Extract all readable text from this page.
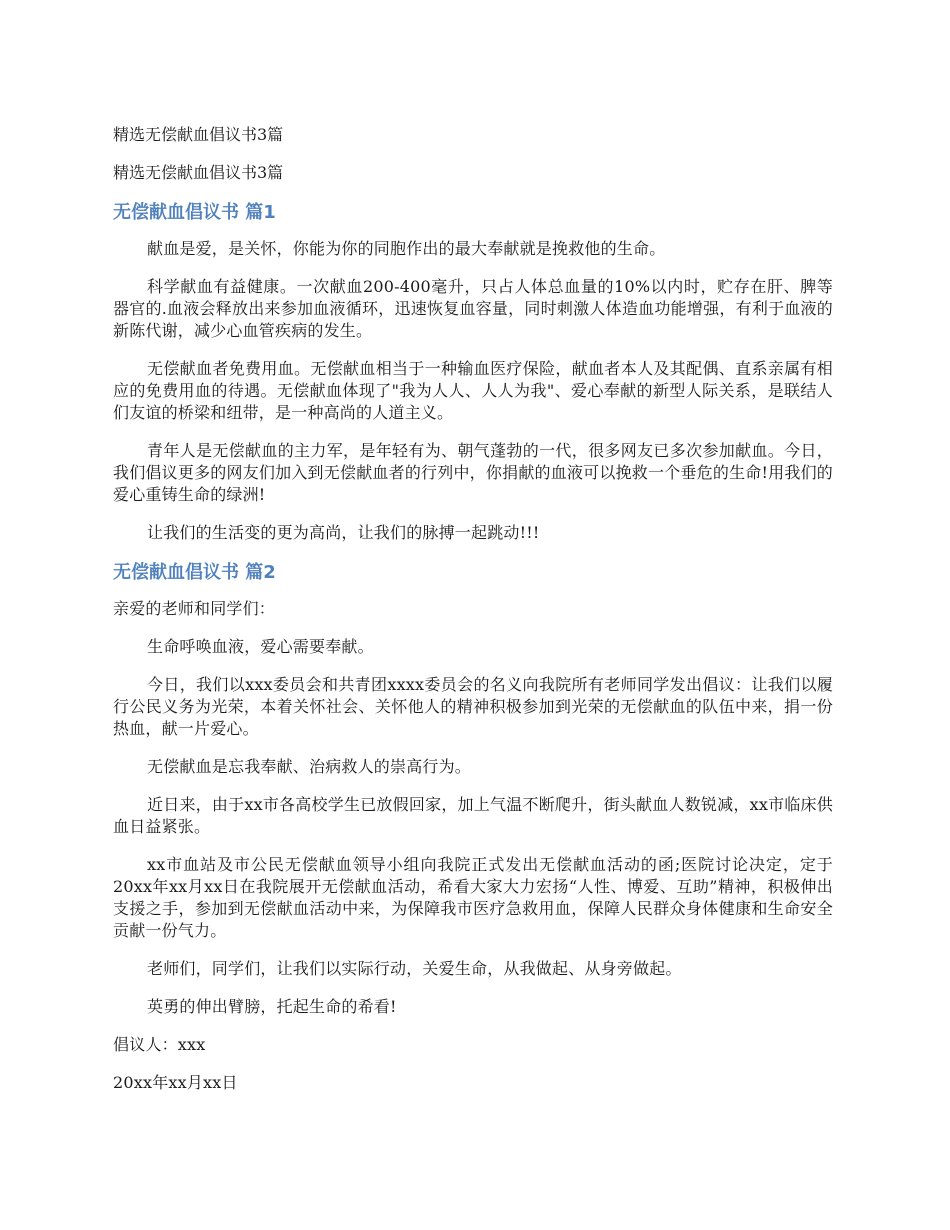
精选无偿献血倡议书3篇
精选无偿献血倡议书3篇
无偿献血倡议书 篇1

献血是爱，是关怀，你能为你的同胞作出的最大奉献就是挽救他的生命。

科学献血有益健康。一次献血200-400毫升，只占人体总血量的10%以内时，贮存在肝、脾等器官的.血液会释放出来参加血液循环，迅速恢复血容量，同时刺激人体造血功能增强，有利于血液的新陈代谢，减少心血管疾病的发生。

无偿献血者免费用血。无偿献血相当于一种输血医疗保险，献血者本人及其配偶、直系亲属有相应的免费用血的待遇。无偿献血体现了"我为人人、人人为我"、爱心奉献的新型人际关系，是联结人们友谊的桥梁和纽带，是一种高尚的人道主义。

青年人是无偿献血的主力军，是年轻有为、朝气蓬勃的一代，很多网友已多次参加献血。今日，我们倡议更多的网友们加入到无偿献血者的行列中，你捐献的血液可以挽救一个垂危的生命!用我们的爱心重铸生命的绿洲!

让我们的生活变的更为高尚，让我们的脉搏一起跳动!!!

无偿献血倡议书 篇2

亲爱的老师和同学们：

生命呼唤血液，爱心需要奉献。

今日，我们以xxx委员会和共青团xxxx委员会的名义向我院所有老师同学发出倡议：让我们以履行公民义务为光荣，本着关怀社会、关怀他人的精神积极参加到光荣的无偿献血的队伍中来，捐一份热血，献一片爱心。

无偿献血是忘我奉献、治病救人的崇高行为。

近日来，由于xx市各高校学生已放假回家，加上气温不断爬升，街头献血人数锐减，xx市临床供血日益紧张。

xx市血站及市公民无偿献血领导小组向我院正式发出无偿献血活动的函;医院讨论决定，定于20xx年xx月xx日在我院展开无偿献血活动，希看大家大力宏扬“人性、博爱、互助”精神，积极伸出支援之手，参加到无偿献血活动中来，为保障我市医疗急救用血，保障人民群众身体健康和生命安全贡献一份气力。

老师们，同学们，让我们以实际行动，关爱生命，从我做起、从身旁做起。

英勇的伸出臂膀，托起生命的希看!

倡议人：xxx

20xx年xx月xx日
